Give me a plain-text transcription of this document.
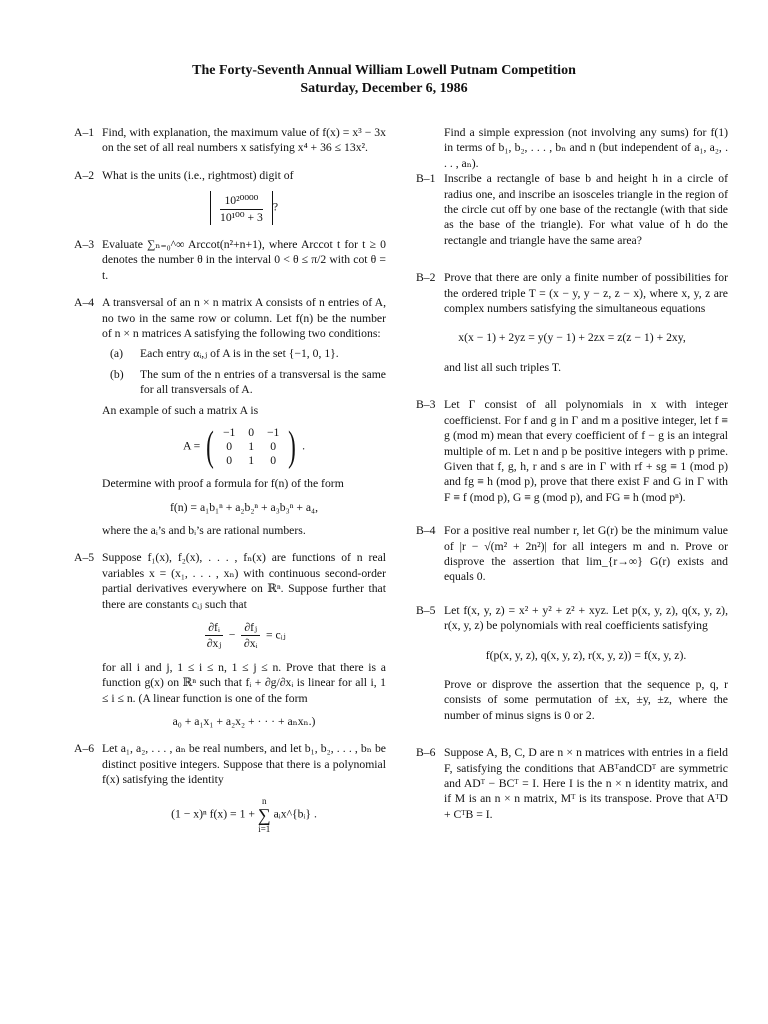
The Forty-Seventh Annual William Lowell Putnam Competition
Saturday, December 6, 1986
A–1 Find, with explanation, the maximum value of f(x) = x³ − 3x on the set of all real numbers x satisfying x⁴ + 36 ≤ 13x².

A–2 What is the units (i.e., rightmost) digit of

$\frac{\text{10²⁰⁰⁰⁰}}{\text{10¹⁰⁰ + 3}}$ ?
A–3 Evaluate ∑ₙ₌₀^∞ Arccot(n²+n+1), where Arccot t for t ≥ 0 denotes the number θ in the interval 0 < θ ≤ π/2 with cot θ = t.

A–4 A transversal of an n × n matrix A consists of n entries of A, no two in the same row or column. Let f(n) be the number of n × n matrices A satisfying the following two conditions:

(a) Each entry αᵢ,ⱼ of A is in the set {−1, 0, 1}.
(b) The sum of the n entries of a transversal is the same for all transversals of A.

An example of such a matrix A is

A = ( −1	0	−1
0	1	0
0	1	0 ) .

Determine with proof a formula for f(n) of the form

f(n) = a₁b₁ⁿ + a₂b₂ⁿ + a₃b₃ⁿ + a₄,

where the aᵢ’s and bᵢ’s are rational numbers.

A–5 Suppose f₁(x), f₂(x), . . . , fₙ(x) are functions of n real variables x = (x₁, . . . , xₙ) with continuous second-order partial derivatives everywhere on ℝⁿ. Suppose further that there are constants cᵢⱼ such that

$\frac{\text{∂fᵢ}}{\text{∂xⱼ}} - \frac{\text{∂fⱼ}}{\text{∂xᵢ}}$ = cᵢⱼ

for all i and j, 1 ≤ i ≤ n, 1 ≤ j ≤ n. Prove that there is a function g(x) on ℝⁿ such that fᵢ + ∂g/∂xᵢ is linear for all i, 1 ≤ i ≤ n. (A linear function is one of the form

a₀ + a₁x₁ + a₂x₂ + · · · + aₙxₙ.)
A–6 Let a₁, a₂, . . . , aₙ be real numbers, and let b₁, b₂, . . . , bₙ be distinct positive integers. Suppose that there is a polynomial f(x) satisfying the identity

(1 − x)ⁿ f(x) = 1 +
n
∑
i=1
aᵢx^{bᵢ} .

Find a simple expression (not involving any sums) for f(1) in terms of b₁, b₂, . . . , bₙ and n (but independent of a₁, a₂, . . . , aₙ).

B–1 Inscribe a rectangle of base b and height h in a circle of radius one, and inscribe an isosceles triangle in the region of the circle cut off by one base of the rectangle (with that side as the base of the triangle). For what value of h do the rectangle and triangle have the same area?

B–2 Prove that there are only a finite number of possibilities for the ordered triple T = (x − y, y − z, z − x), where x, y, z are complex numbers satisfying the simultaneous equations

x(x − 1) + 2yz = y(y − 1) + 2zx = z(z − 1) + 2xy,

and list all such triples T.

B–3 Let Γ consist of all polynomials in x with integer coefficienst. For f and g in Γ and m a positive integer, let f ≡ g (mod m) mean that every coefficient of f − g is an integral multiple of m. Let n and p be positive integers with p prime. Given that f, g, h, r and s are in Γ with rf + sg ≡ 1 (mod p) and fg ≡ h (mod p), prove that there exist F and G in Γ with F ≡ f (mod p), G ≡ g (mod p), and FG ≡ h (mod pⁿ).

B–4 For a positive real number r, let G(r) be the minimum value of |r − √(m² + 2n²)| for all integers m and n. Prove or disprove the assertion that lim_{r→∞} G(r) exists and equals 0.

B–5 Let f(x, y, z) = x² + y² + z² + xyz. Let p(x, y, z), q(x, y, z), r(x, y, z) be polynomials with real coefficients satisfying

f(p(x, y, z), q(x, y, z), r(x, y, z)) = f(x, y, z).

Prove or disprove the assertion that the sequence p, q, r consists of some permutation of ±x, ±y, ±z, where the number of minus signs is 0 or 2.

B–6 Suppose A, B, C, D are n × n matrices with entries in a field F, satisfying the conditions that ABᵀandCDᵀ are symmetric and ADᵀ − BCᵀ = I. Here I is the n × n identity matrix, and if M is an n × n matrix, Mᵀ is its transpose. Prove that AᵀD + CᵀB = I.
